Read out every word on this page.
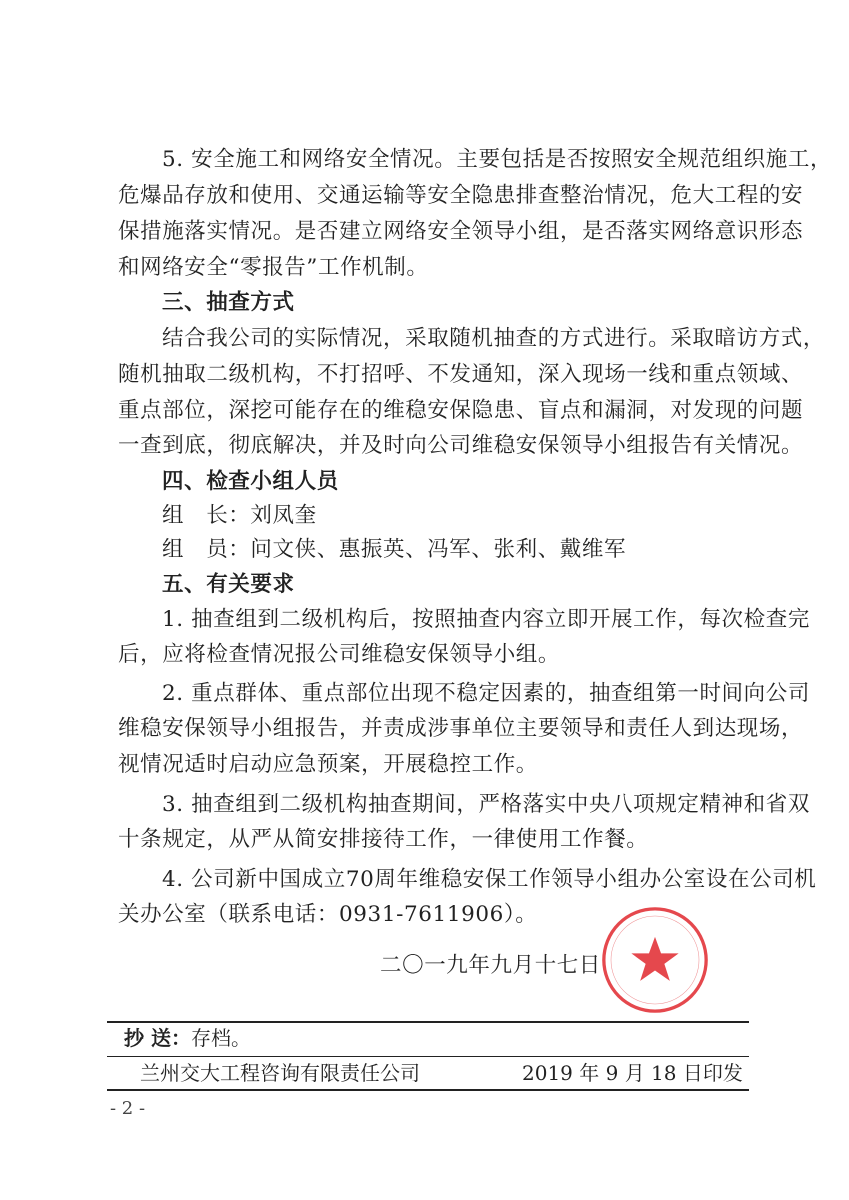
5. 安全施工和网络安全情况。主要包括是否按照安全规范组织施工，
危爆品存放和使用、交通运输等安全隐患排查整治情况，危大工程的安
保措施落实情况。是否建立网络安全领导小组，是否落实网络意识形态
和网络安全“零报告”工作机制。
三、抽查方式
结合我公司的实际情况，采取随机抽查的方式进行。采取暗访方式，
随机抽取二级机构，不打招呼、不发通知，深入现场一线和重点领域、
重点部位，深挖可能存在的维稳安保隐患、盲点和漏洞，对发现的问题
一查到底，彻底解决，并及时向公司维稳安保领导小组报告有关情况。
四、检查小组人员
组　长：刘凤奎
组　员：问文侠、惠振英、冯军、张利、戴维军
五、有关要求
1. 抽查组到二级机构后，按照抽查内容立即开展工作，每次检查完
后，应将检查情况报公司维稳安保领导小组。
2. 重点群体、重点部位出现不稳定因素的，抽查组第一时间向公司
维稳安保领导小组报告，并责成涉事单位主要领导和责任人到达现场，
视情况适时启动应急预案，开展稳控工作。
3. 抽查组到二级机构抽查期间，严格落实中央八项规定精神和省双
十条规定，从严从简安排接待工作，一律使用工作餐。
4. 公司新中国成立70周年维稳安保工作领导小组办公室设在公司机
关办公室（联系电话：0931-7611906）。
二〇一九年九月十七日
抄 送：存档。
兰州交大工程咨询有限责任公司	2019 年 9 月 18 日印发
- 2 -
